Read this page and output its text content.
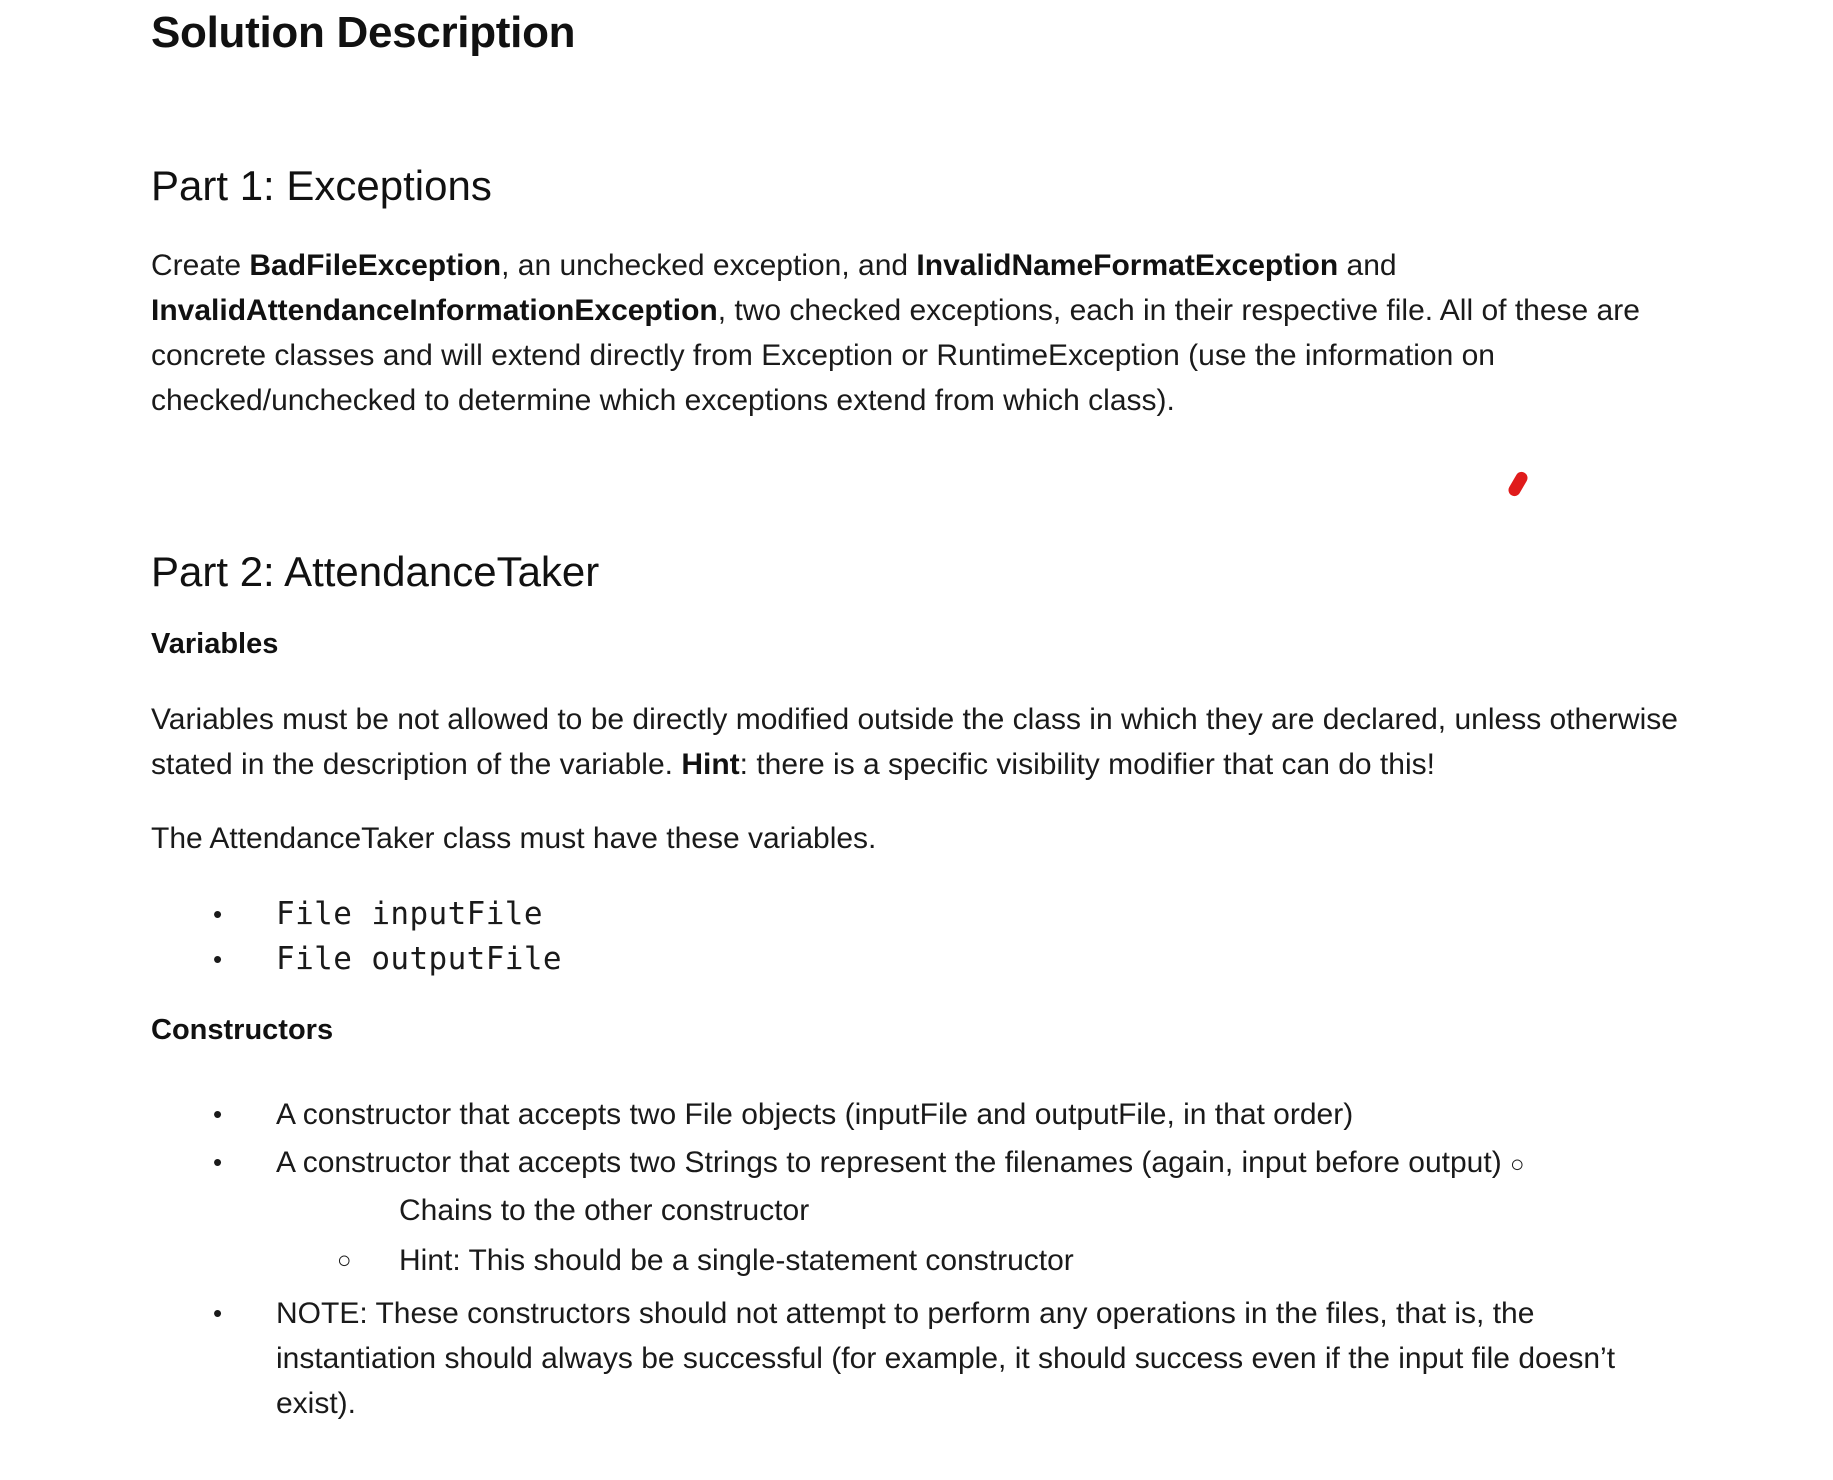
Solution Description
Part 1: Exceptions

Create BadFileException, an unchecked exception, and InvalidNameFormatException and
InvalidAttendanceInformationException, two checked exceptions, each in their respective file. All of these are concrete classes and will extend directly from Exception or RuntimeException (use the information on checked/unchecked to determine which exceptions extend from which class).

Part 2: AttendanceTaker
Variables

Variables must be not allowed to be directly modified outside the class in which they are declared, unless otherwise stated in the description of the variable. Hint: there is a specific visibility modifier that can do this!

The AttendanceTaker class must have these variables.

• File inputFile
• File outputFile
Constructors
• A constructor that accepts two File objects (inputFile and outputFile, in that order)
• A constructor that accepts two Strings to represent the filenames (again, input before output) ○
Chains to the other constructor
○ Hint: This should be a single-statement constructor
• NOTE: These constructors should not attempt to perform any operations in the files, that is, the instantiation should always be successful (for example, it should success even if the input file doesn’t exist).
